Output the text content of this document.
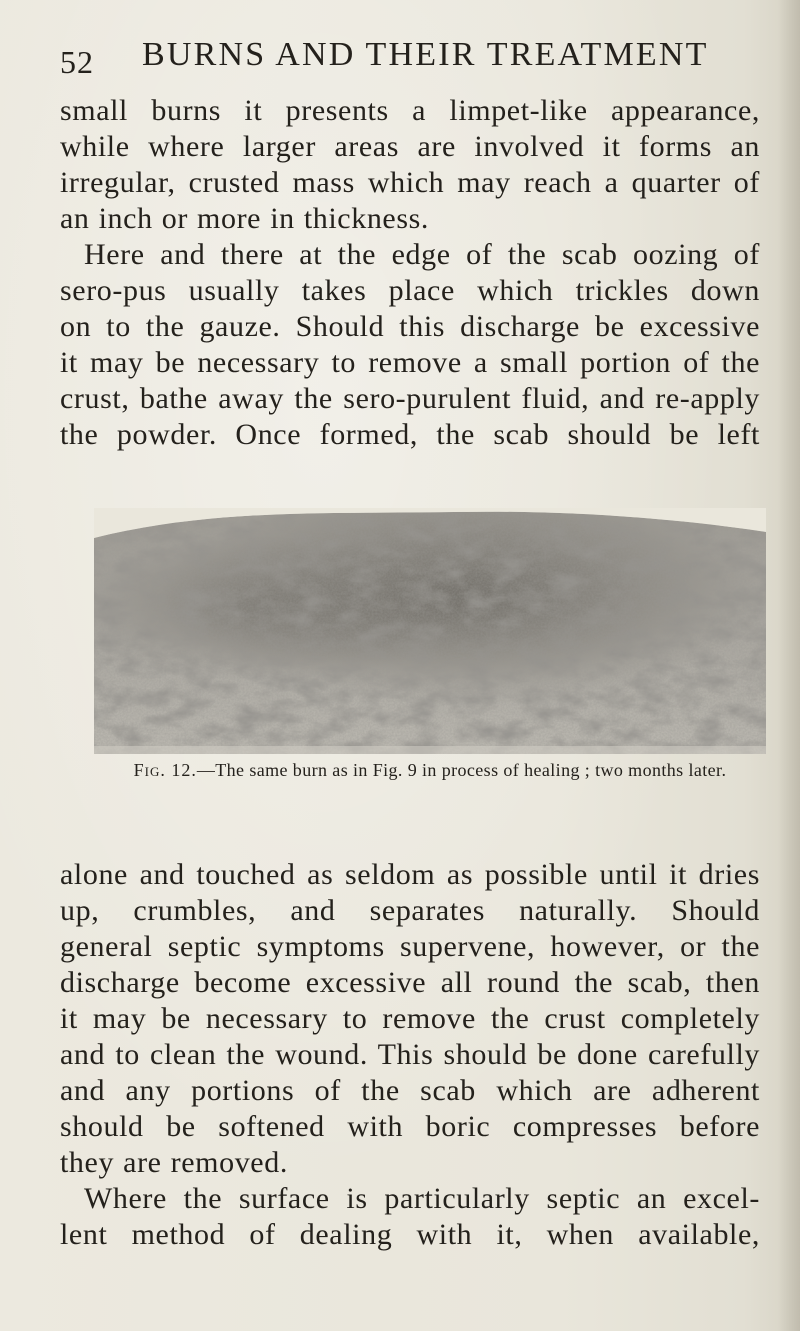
52 BURNS AND THEIR TREATMENT
small burns it presents a limpet-like appearance,
while where larger areas are involved it forms an
irregular, crusted mass which may reach a quarter of
an inch or more in thickness.
Here and there at the edge of the scab oozing of
sero-pus usually takes place which trickles down
on to the gauze. Should this discharge be excessive
it may be necessary to remove a small portion of the
crust, bathe away the sero-purulent fluid, and re-apply
the powder. Once formed, the scab should be left

Fig. 12.—The same burn as in Fig. 9 in process of healing ; two months later.

alone and touched as seldom as possible until it dries
up, crumbles, and separates naturally. Should
general septic symptoms supervene, however, or the
discharge become excessive all round the scab, then
it may be necessary to remove the crust completely
and to clean the wound. This should be done carefully
and any portions of the scab which are adherent
should be softened with boric compresses before
they are removed.
Where the surface is particularly septic an excel-
lent method of dealing with it, when available,
